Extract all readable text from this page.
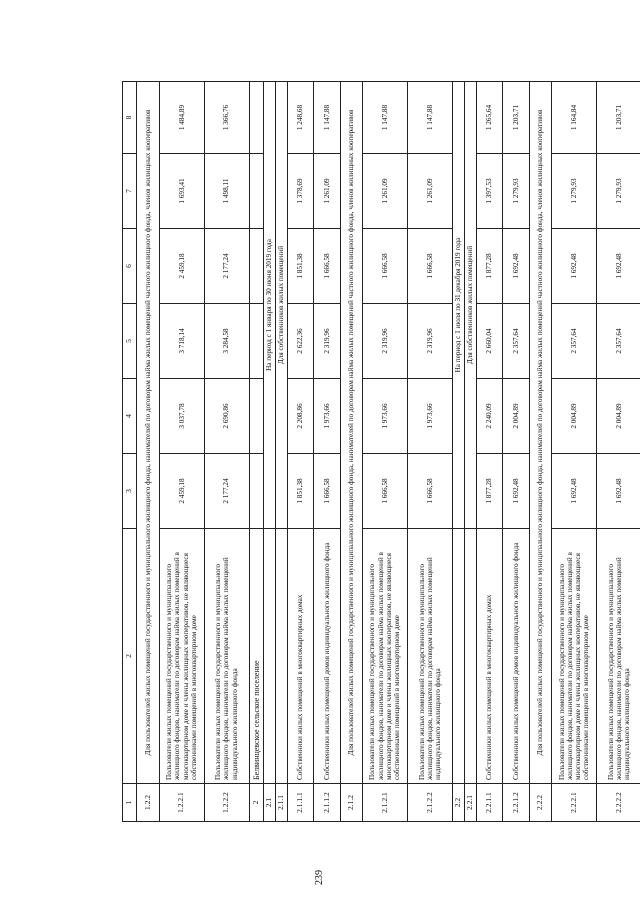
239
1	2	3	4	5	6	7	8
1.2.2	Для пользователей жилых помещений государственного и муниципального жилищного фонда, нанимателей по договорам найма жилых помещений частного жилищного фонда, членов жилищных кооперативов						
1.2.2.1	Пользователи жилых помещений государственного и муниципального жилищного фондов, наниматели по договорам найма жилых помещений в многоквартирном доме и члены жилищных кооперативов, не являющиеся собственниками помещений в многоквартирном доме	2 459,18	3 037,78	3 718,14	2 459,18	1 693,41	1 484,89
1.2.2.2	Пользователи жилых помещений государственного и муниципального жилищного фондов, наниматели по договорам найма жилых помещений индивидуального жилищного фонда	2 177,24	2 690,86	3 284,58	2 177,24	1 498,11	1 366,76
2	Белвинцевское сельское поселение						
2.1		На период с 1 января по 30 июня 2019 года					
2.1.1		Для собственников жилых помещений					
2.1.1.1	Собственники жилых помещений в многоквартирных домах	1 851,38	2 208,86	2 622,36	1 851,38	1 378,69	1 248,68
2.1.1.2	Собственники жилых помещений домов индивидуального жилищного фонда	1 666,58	1 973,66	2 319,96	1 666,58	1 261,09	1 147,88
2.1.2	Для пользователей жилых помещений государственного и муниципального жилищного фонда, нанимателей по договорам найма жилых помещений частного жилищного фонда, членов жилищных кооперативов						
2.1.2.1	Пользователи жилых помещений государственного и муниципального жилищного фондов, наниматели по договорам найма жилых помещений в многоквартирном доме и члены жилищных кооперативов, не являющиеся собственниками помещений в многоквартирном доме	1 666,58	1 973,66	2 319,96	1 666,58	1 261,09	1 147,88
2.1.2.2	Пользователи жилых помещений государственного и муниципального жилищного фондов, наниматели по договорам найма жилых помещений индивидуального жилищного фонда	1 666,58	1 973,66	2 319,96	1 666,58	1 261,09	1 147,88
2.2		На период с 1 июля по 31 декабря 2019 года					
2.2.1		Для собственников жилых помещений					
2.2.1.1	Собственники жилых помещений в многоквартирных домах	1 877,28	2 240,09	2 660,04	1 877,28	1 397,53	1 265,64
2.2.1.2	Собственники жилых помещений домов индивидуального жилищного фонда	1 692,48	2 004,89	2 357,64	1 692,48	1 279,93	1 203,71
2.2.2	Для пользователей жилых помещений государственного и муниципального жилищного фонда, нанимателей по договорам найма жилых помещений частного жилищного фонда, членов жилищных кооперативов						
2.2.2.1	Пользователи жилых помещений государственного и муниципального жилищного фондов, наниматели по договорам найма жилых помещений в многоквартирном доме и члены жилищных кооперативов, не являющиеся собственниками помещений в многоквартирном доме	1 692,48	2 004,89	2 357,64	1 692,48	1 279,93	1 164,84
2.2.2.2	Пользователи жилых помещений государственного и муниципального жилищного фондов, наниматели по договорам найма жилых помещений индивидуального жилищного фонда	1 692,48	2 004,89	2 357,64	1 692,48	1 279,93	1 203,71
